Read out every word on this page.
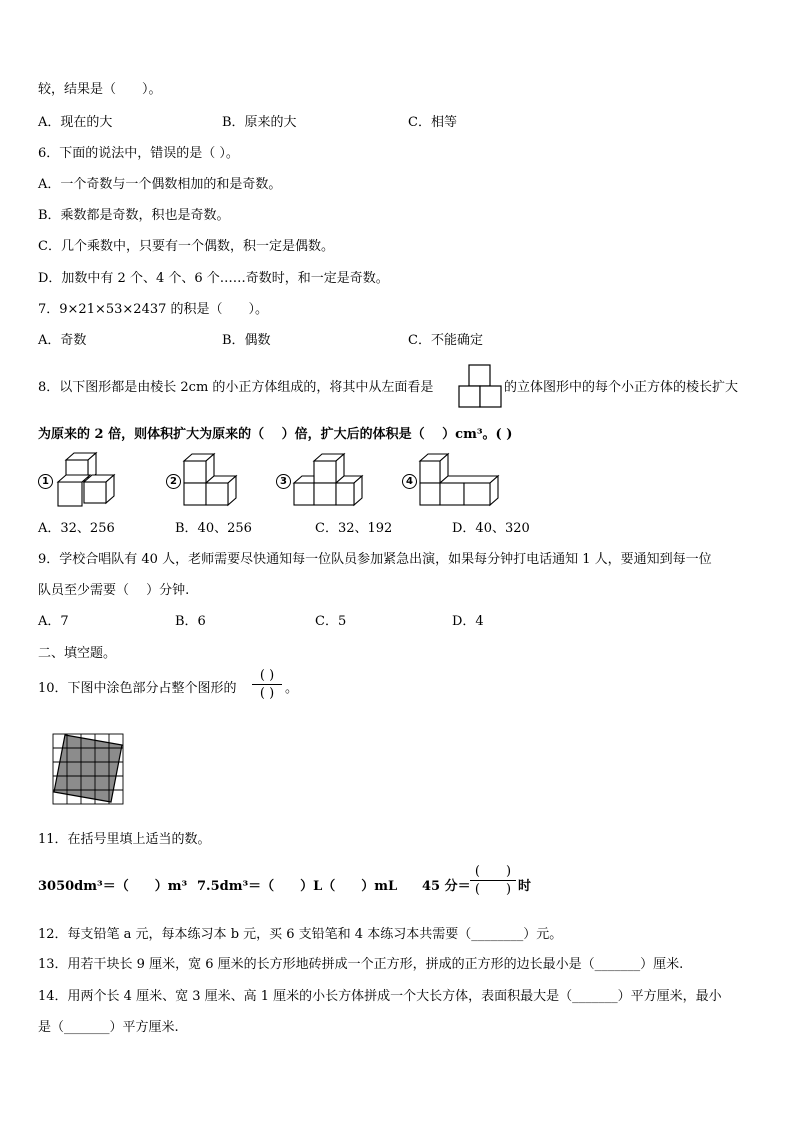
较，结果是（　　）。
A．现在的大	B．原来的大	C．相等
6．下面的说法中，错误的是（ ）。
A．一个奇数与一个偶数相加的和是奇数。
B．乘数都是奇数，积也是奇数。
C．几个乘数中，只要有一个偶数，积一定是偶数。
D．加数中有 2 个、4 个、6 个……奇数时，和一定是奇数。
7．9×21×53×2437 的积是（　　）。
A．奇数	B．偶数	C．不能确定
8．以下图形都是由棱长 2cm 的小正方体组成的，将其中从左面看是	的立体图形中的每个小正方体的棱长扩大
为原来的 2 倍，则体积扩大为原来的（　 ）倍，扩大后的体积是（　 ）cm³。( )
1	2	3	4
A．32、256	B．40、256	C．32、192	D．40、320
9．学校合唱队有 40 人，老师需要尽快通知每一位队员参加紧急出演，如果每分钟打电话通知 1 人，要通知到每一位
队员至少需要（　 ）分钟.
A．7	B．6	C．5	D．4
二、填空题。
10．下图中涂色部分占整个图形的
( )
( ) 。
11．在括号里填上适当的数。
3050dm³＝（　　）m³ 7.5dm³＝（　　）L（　　）mL 45 分＝
(　　)
(　　) 时
12．每支铅笔 a 元，每本练习本 b 元，买 6 支铅笔和 4 本练习本共需要（________）元。
13．用若干块长 9 厘米，宽 6 厘米的长方形地砖拼成一个正方形，拼成的正方形的边长最小是（_______）厘米.
14．用两个长 4 厘米、宽 3 厘米、高 1 厘米的小长方体拼成一个大长方体，表面积最大是（_______）平方厘米，最小
是（_______）平方厘米.
